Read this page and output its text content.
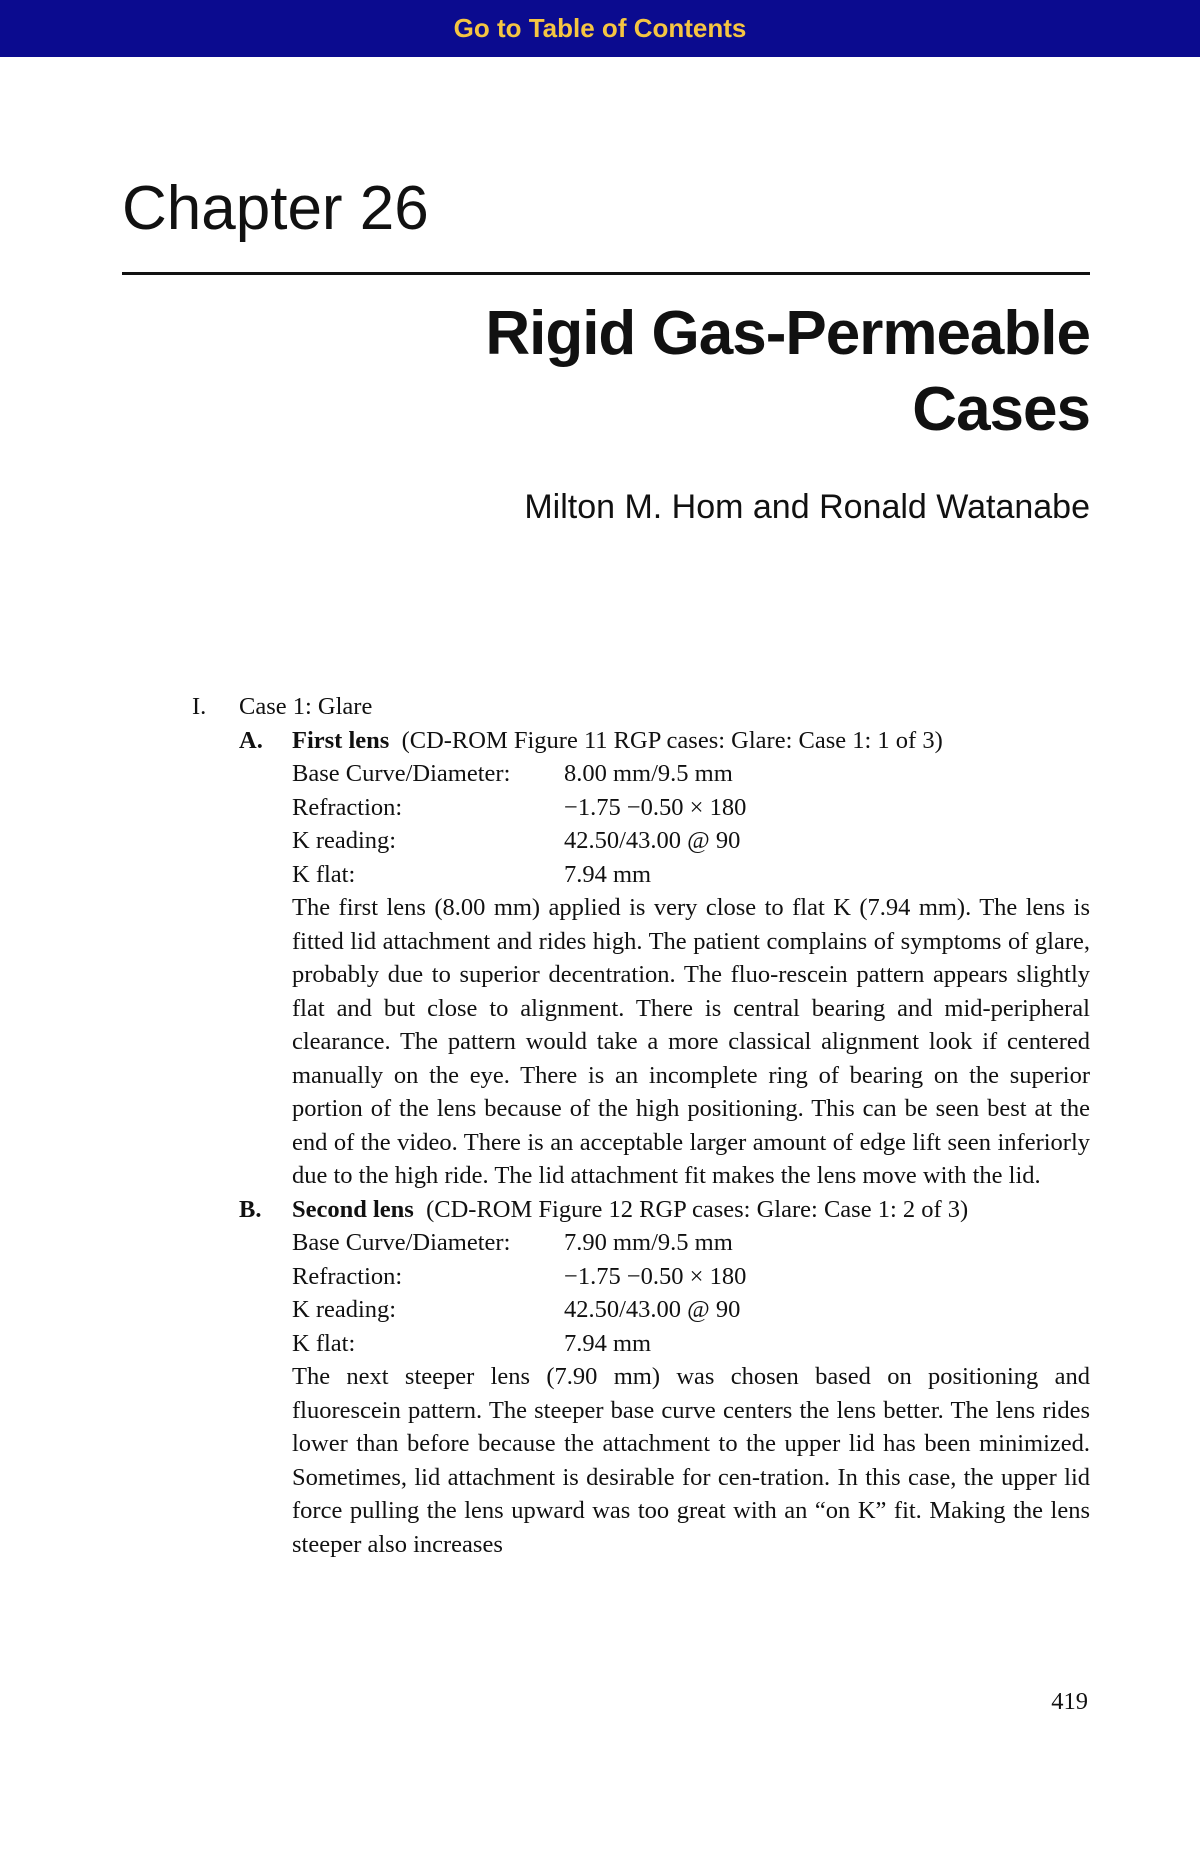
Go to Table of Contents
Chapter 26
Rigid Gas-Permeable
Cases
Milton M. Hom and Ronald Watanabe
I.	Case 1: Glare
A.	First lens (CD-ROM Figure 11 RGP cases: Glare: Case 1: 1 of 3)
Base Curve/Diameter:	8.00 mm/9.5 mm
Refraction:	−1.75 −0.50 × 180
K reading:	42.50/43.00 @ 90
K flat:	7.94 mm

The first lens (8.00 mm) applied is very close to flat K (7.94 mm). The lens is fitted lid attachment and rides high. The patient complains of symptoms of glare, probably due to superior decentration. The fluo-rescein pattern appears slightly flat and but close to alignment. There is central bearing and mid-peripheral clearance. The pattern would take a more classical alignment look if centered manually on the eye. There is an incomplete ring of bearing on the superior portion of the lens because of the high positioning. This can be seen best at the end of the video. There is an acceptable larger amount of edge lift seen inferiorly due to the high ride. The lid attachment fit makes the lens move with the lid.

B.	Second lens (CD-ROM Figure 12 RGP cases: Glare: Case 1: 2 of 3)
Base Curve/Diameter:	7.90 mm/9.5 mm
Refraction:	−1.75 −0.50 × 180
K reading:	42.50/43.00 @ 90
K flat:	7.94 mm

The next steeper lens (7.90 mm) was chosen based on positioning and fluorescein pattern. The steeper base curve centers the lens better. The lens rides lower than before because the attachment to the upper lid has been minimized. Sometimes, lid attachment is desirable for cen-tration. In this case, the upper lid force pulling the lens upward was too great with an “on K” fit. Making the lens steeper also increases

419
